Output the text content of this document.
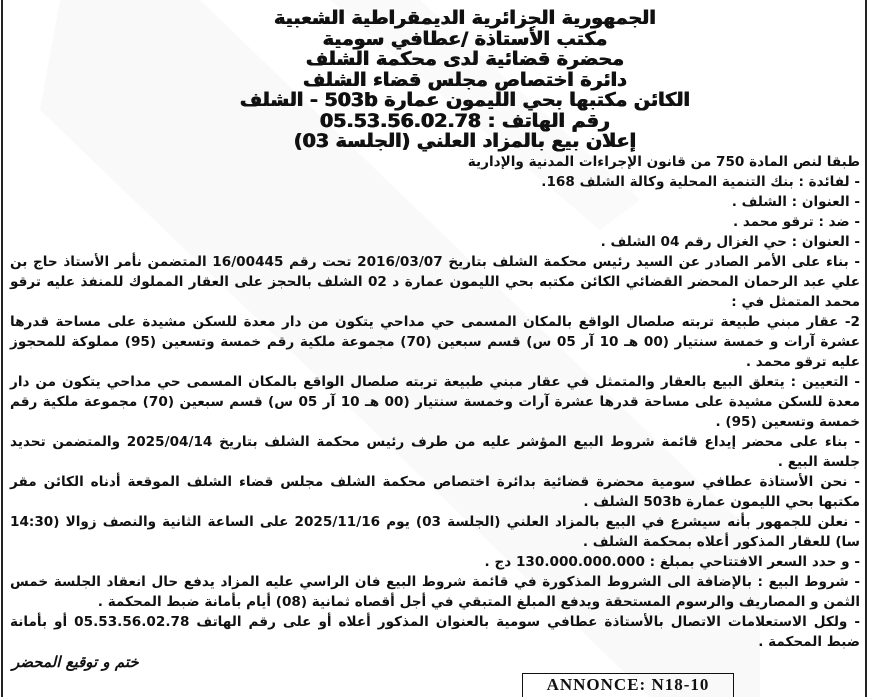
الجمهورية الجزائرية الديمقراطية الشعبية
مكتب الأستاذة /عطافي سومية
محضرة قضائية لدى محكمة الشلف
دائرة اختصاص مجلس قضاء الشلف
الكائن مكتبها بحي الليمون عمارة 503b - الشلف
رقم الهاتف : 05.53.56.02.78
إعلان بيع بالمزاد العلني (الجلسة 03)

طبقا لنص المادة 750 من قانون الإجراءات المدنية والإدارية

- لفائدة : بنك التنمية المحلية وكالة الشلف 168.

- العنوان : الشلف .

- ضد : ترقو محمد .

- العنوان : حي الغزال رقم 04 الشلف .

- بناء على الأمر الصادر عن السيد رئيس محكمة الشلف بتاريخ 2016/03/07 تحت رقم 16/00445 المتضمن نأمر الأستاذ حاج بن علي عبد الرحمان المحضر القضائي الكائن مكتبه بحي الليمون عمارة د 02 الشلف بالحجز على العقار المملوك للمنفذ عليه ترقو محمد المتمثل في :

2- عقار مبني طبيعة تربته صلصال الواقع بالمكان المسمى حي مداحي يتكون من دار معدة للسكن مشيدة على مساحة قدرها عشرة آرات و خمسة سنتيار (00 هـ 10 آر 05 س) قسم سبعين (70) مجموعة ملكية رقم خمسة وتسعين (95) مملوكة للمحجوز عليه ترقو محمد .

- التعيين : يتعلق البيع بالعقار والمتمثل في عقار مبني طبيعة تربته صلصال الواقع بالمكان المسمى حي مداحي يتكون من دار معدة للسكن مشيدة على مساحة قدرها عشرة آرات وخمسة سنتيار (00 هـ 10 آر 05 س) قسم سبعين (70) مجموعة ملكية رقم خمسة وتسعين (95) .

- بناء على محضر إيداع قائمة شروط البيع المؤشر عليه من طرف رئيس محكمة الشلف بتاريخ 2025/04/14 والمتضمن تحديد جلسة البيع .

- نحن الأستاذة عطافي سومية محضرة قضائية بدائرة اختصاص محكمة الشلف مجلس قضاء الشلف الموقعة أدناه الكائن مقر مكتبها بحي الليمون عمارة 503b الشلف .

- نعلن للجمهور بأنه سيشرع في البيع بالمزاد العلني (الجلسة 03) يوم 2025/11/16 على الساعة الثانية والنصف زوالا (14:30 سا) للعقار المذكور أعلاه بمحكمة الشلف .

- و حدد السعر الافتتاحي بمبلغ : 130.000.000.000 دج .

- شروط البيع : بالإضافة الى الشروط المذكورة في قائمة شروط البيع فان الراسي عليه المزاد يدفع حال انعقاد الجلسة خمس الثمن و المصاريف والرسوم المستحقة ويدفع المبلغ المتبقي في أجل أقصاه ثمانية (08) أيام بأمانة ضبط المحكمة .

- ولكل الاستعلامات الاتصال بالأستاذة عطافي سومية بالعنوان المذكور أعلاه أو على رقم الهاتف 05.53.56.02.78 أو بأمانة ضبط المحكمة .

ختم و توقيع المحضر
ANNONCE: N18-10
